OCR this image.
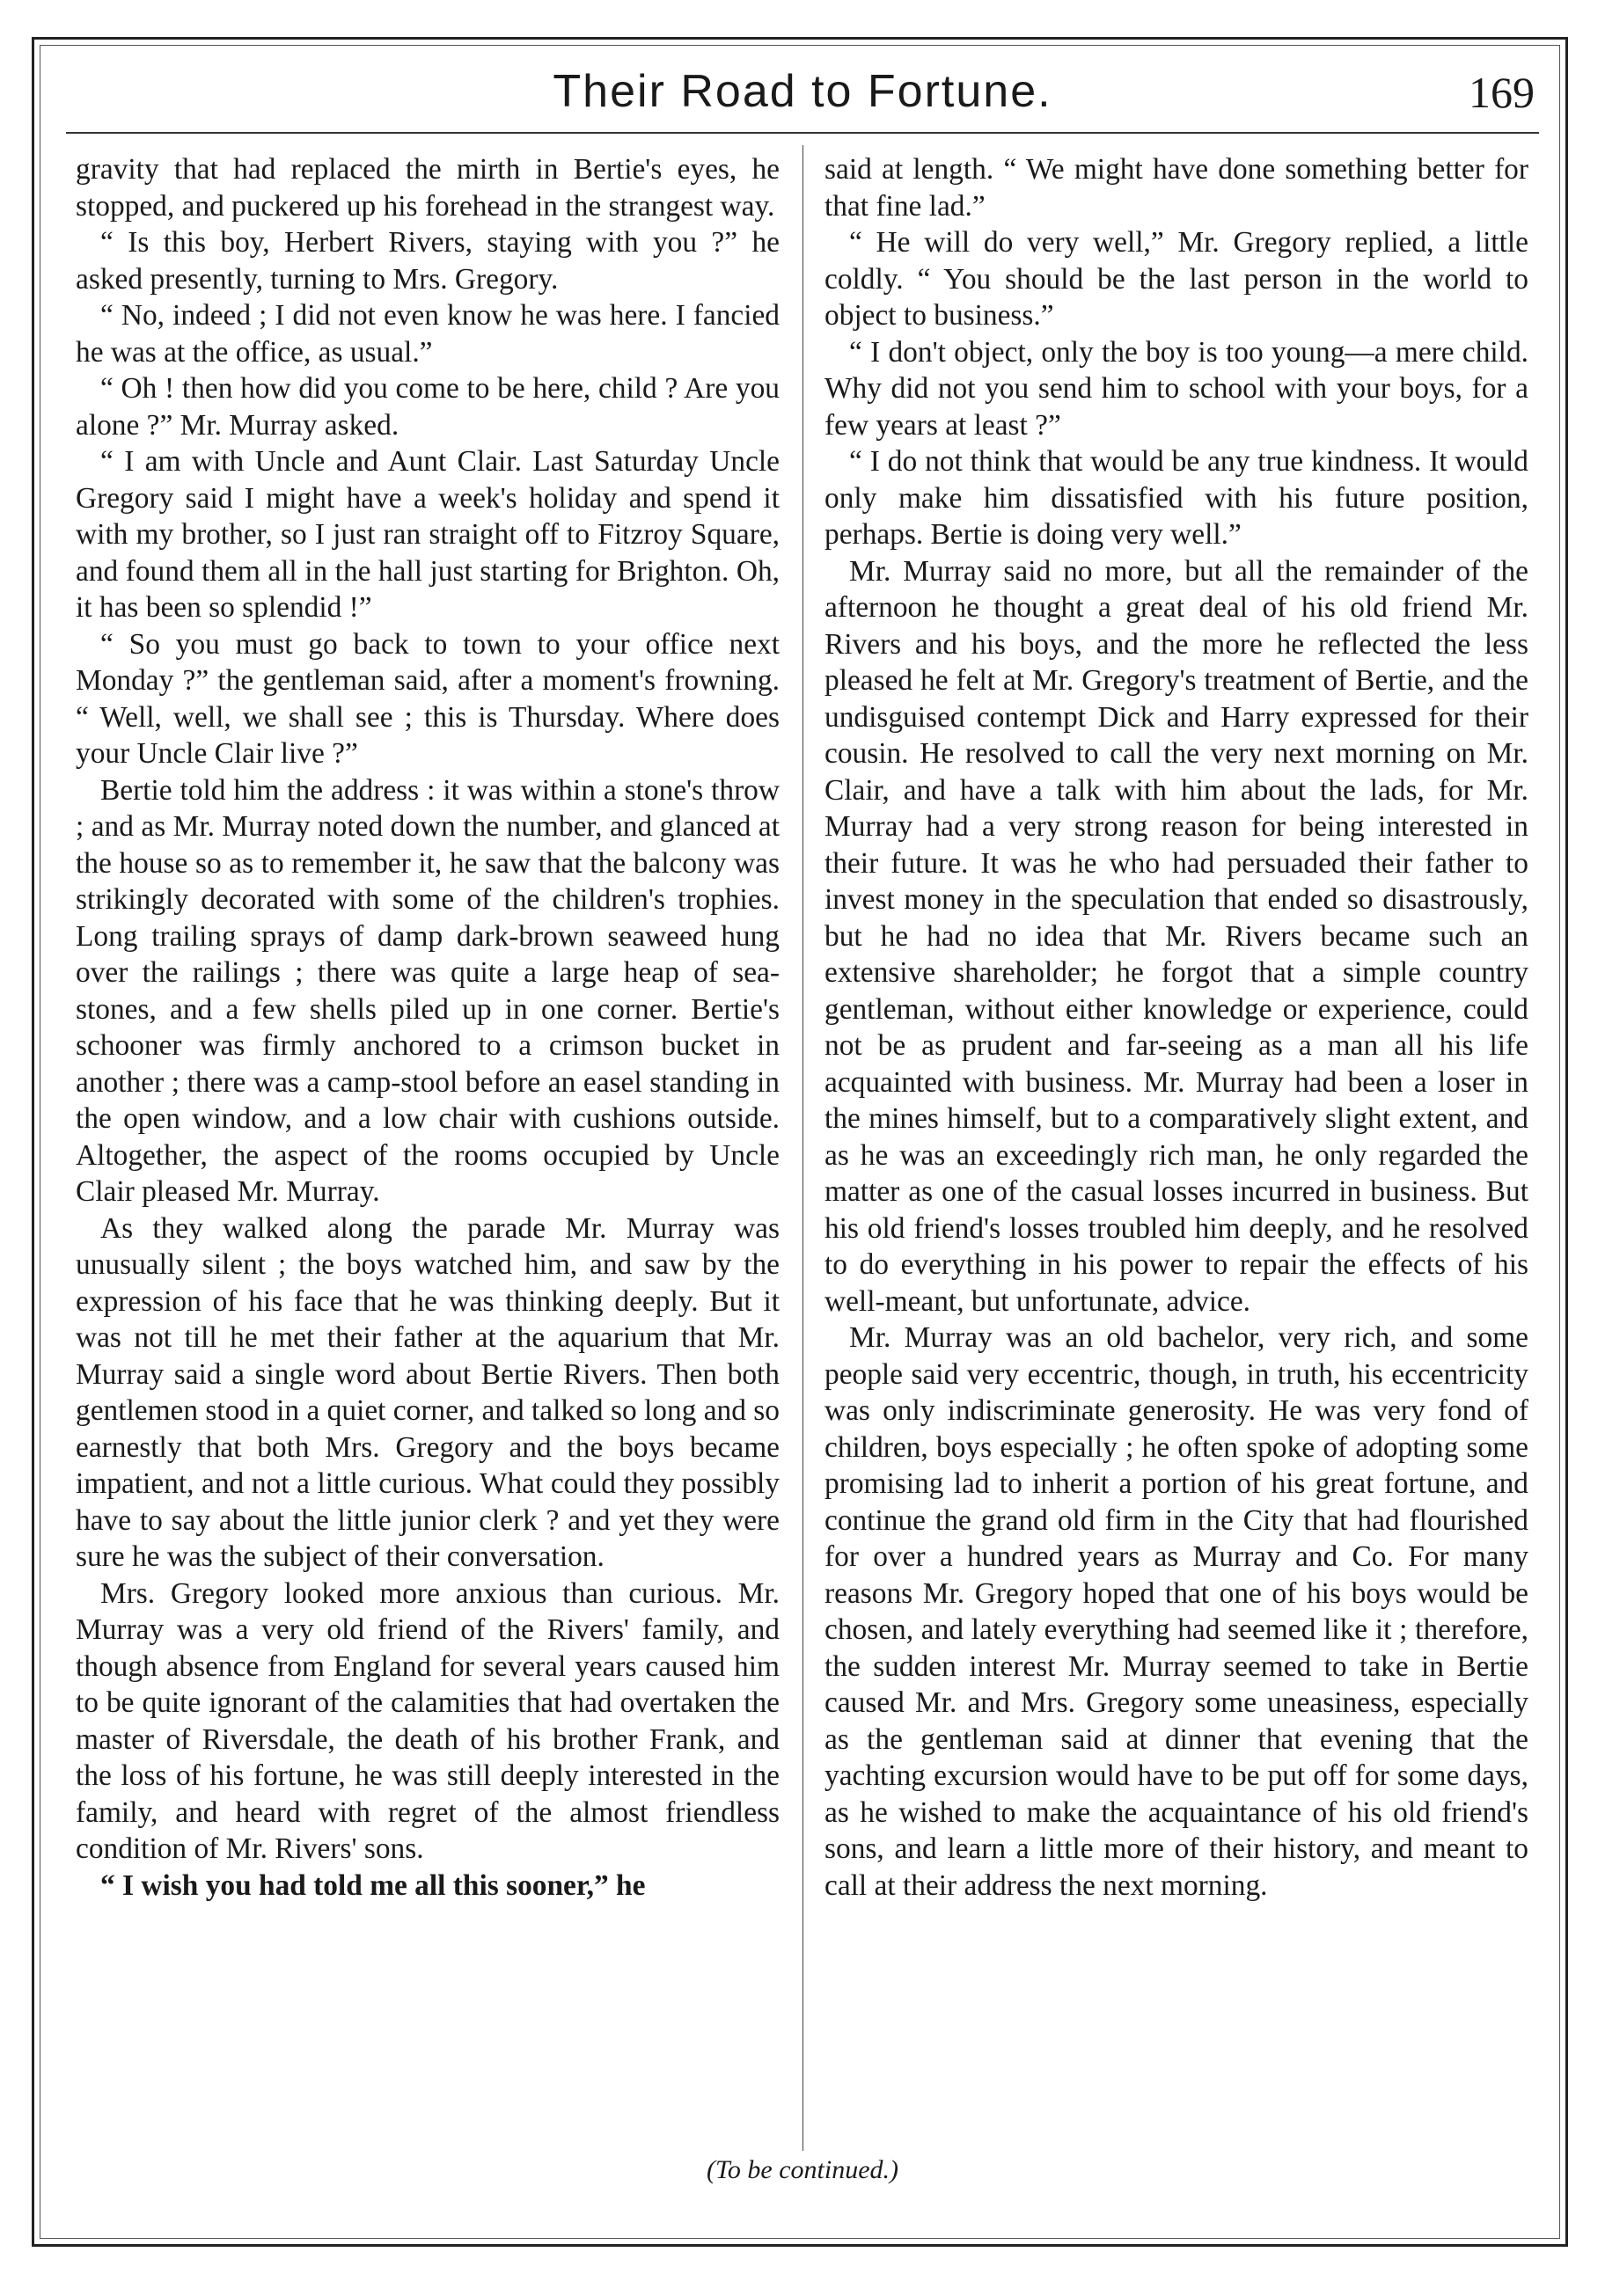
Their Road to Fortune.	169

gravity that had replaced the mirth in Bertie's eyes, he stopped, and puckered up his forehead in the strangest way.

“ Is this boy, Herbert Rivers, staying with you ?” he asked presently, turning to Mrs. Gregory.

“ No, indeed ; I did not even know he was here. I fancied he was at the office, as usual.”

“ Oh ! then how did you come to be here, child ? Are you alone ?” Mr. Murray asked.

“ I am with Uncle and Aunt Clair. Last Saturday Uncle Gregory said I might have a week's holiday and spend it with my brother, so I just ran straight off to Fitzroy Square, and found them all in the hall just starting for Brighton. Oh, it has been so splendid !”

“ So you must go back to town to your office next Monday ?” the gentleman said, after a moment's frowning. “ Well, well, we shall see ; this is Thursday. Where does your Uncle Clair live ?”

Bertie told him the address : it was within a stone's throw ; and as Mr. Murray noted down the number, and glanced at the house so as to remember it, he saw that the balcony was strikingly decorated with some of the children's trophies. Long trailing sprays of damp dark-brown seaweed hung over the railings ; there was quite a large heap of sea-stones, and a few shells piled up in one corner. Bertie's schooner was firmly anchored to a crimson bucket in another ; there was a camp-stool before an easel standing in the open window, and a low chair with cushions outside. Altogether, the aspect of the rooms occupied by Uncle Clair pleased Mr. Murray.

As they walked along the parade Mr. Murray was unusually silent ; the boys watched him, and saw by the expression of his face that he was thinking deeply. But it was not till he met their father at the aquarium that Mr. Murray said a single word about Bertie Rivers. Then both gentlemen stood in a quiet corner, and talked so long and so earnestly that both Mrs. Gregory and the boys became impatient, and not a little curious. What could they possibly have to say about the little junior clerk ? and yet they were sure he was the subject of their conversation.

Mrs. Gregory looked more anxious than curious. Mr. Murray was a very old friend of the Rivers' family, and though absence from England for several years caused him to be quite ignorant of the calamities that had overtaken the master of Riversdale, the death of his brother Frank, and the loss of his fortune, he was still deeply interested in the family, and heard with regret of the almost friendless condition of Mr. Rivers' sons.

“ I wish you had told me all this sooner,” he

said at length. “ We might have done something better for that fine lad.”

“ He will do very well,” Mr. Gregory replied, a little coldly. “ You should be the last person in the world to object to business.”

“ I don't object, only the boy is too young—a mere child. Why did not you send him to school with your boys, for a few years at least ?”

“ I do not think that would be any true kindness. It would only make him dissatisfied with his future position, perhaps. Bertie is doing very well.”

Mr. Murray said no more, but all the remainder of the afternoon he thought a great deal of his old friend Mr. Rivers and his boys, and the more he reflected the less pleased he felt at Mr. Gregory's treatment of Bertie, and the undisguised contempt Dick and Harry expressed for their cousin. He resolved to call the very next morning on Mr. Clair, and have a talk with him about the lads, for Mr. Murray had a very strong reason for being interested in their future. It was he who had persuaded their father to invest money in the speculation that ended so disastrously, but he had no idea that Mr. Rivers became such an extensive shareholder; he forgot that a simple country gentleman, without either knowledge or experience, could not be as prudent and far-seeing as a man all his life acquainted with business. Mr. Murray had been a loser in the mines himself, but to a comparatively slight extent, and as he was an exceedingly rich man, he only regarded the matter as one of the casual losses incurred in business. But his old friend's losses troubled him deeply, and he resolved to do everything in his power to repair the effects of his well-meant, but unfortunate, advice.

Mr. Murray was an old bachelor, very rich, and some people said very eccentric, though, in truth, his eccentricity was only indiscriminate generosity. He was very fond of children, boys especially ; he often spoke of adopting some promising lad to inherit a portion of his great fortune, and continue the grand old firm in the City that had flourished for over a hundred years as Murray and Co. For many reasons Mr. Gregory hoped that one of his boys would be chosen, and lately everything had seemed like it ; therefore, the sudden interest Mr. Murray seemed to take in Bertie caused Mr. and Mrs. Gregory some uneasiness, especially as the gentleman said at dinner that evening that the yachting excursion would have to be put off for some days, as he wished to make the acquaintance of his old friend's sons, and learn a little more of their history, and meant to call at their address the next morning.

(To be continued.)
